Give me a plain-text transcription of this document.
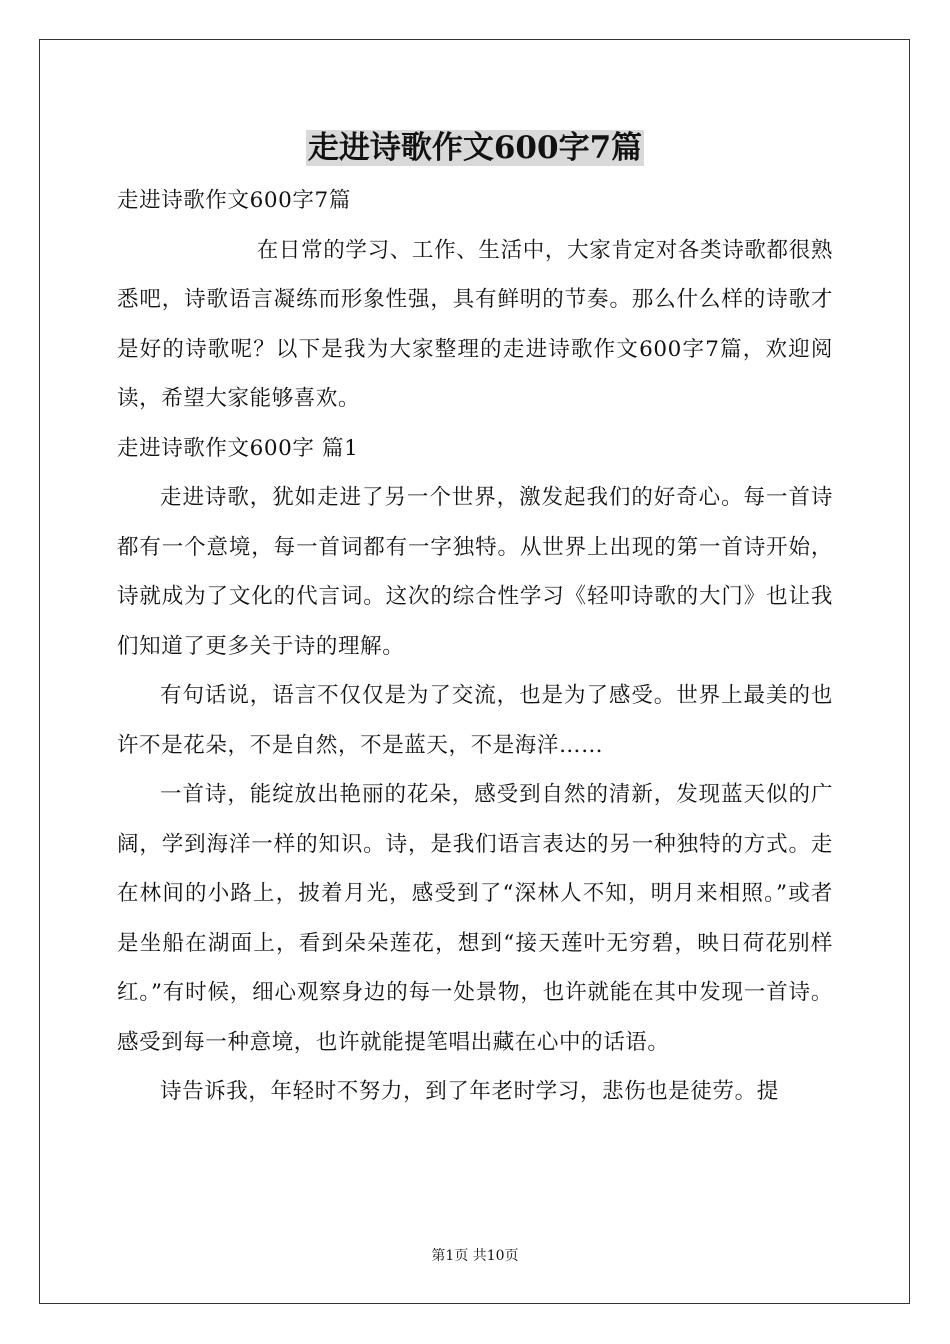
走进诗歌作文600字7篇

走进诗歌作文600字7篇

在日常的学习、工作、生活中，大家肯定对各类诗歌都很熟悉吧，诗歌语言凝练而形象性强，具有鲜明的节奏。那么什么样的诗歌才是好的诗歌呢？以下是我为大家整理的走进诗歌作文600字7篇，欢迎阅读，希望大家能够喜欢。

走进诗歌作文600字 篇1

走进诗歌，犹如走进了另一个世界，激发起我们的好奇心。每一首诗都有一个意境，每一首词都有一字独特。从世界上出现的第一首诗开始，诗就成为了文化的代言词。这次的综合性学习《轻叩诗歌的大门》也让我们知道了更多关于诗的理解。

有句话说，语言不仅仅是为了交流，也是为了感受。世界上最美的也许不是花朵，不是自然，不是蓝天，不是海洋……

一首诗，能绽放出艳丽的花朵，感受到自然的清新，发现蓝天似的广阔，学到海洋一样的知识。诗，是我们语言表达的另一种独特的方式。走在林间的小路上，披着月光，感受到了“深林人不知，明月来相照。”或者是坐船在湖面上，看到朵朵莲花，想到“接天莲叶无穷碧，映日荷花别样红。”有时候，细心观察身边的每一处景物，也许就能在其中发现一首诗。感受到每一种意境，也许就能提笔唱出藏在心中的话语。

诗告诉我，年轻时不努力，到了年老时学习，悲伤也是徒劳。提

第1页 共10页
